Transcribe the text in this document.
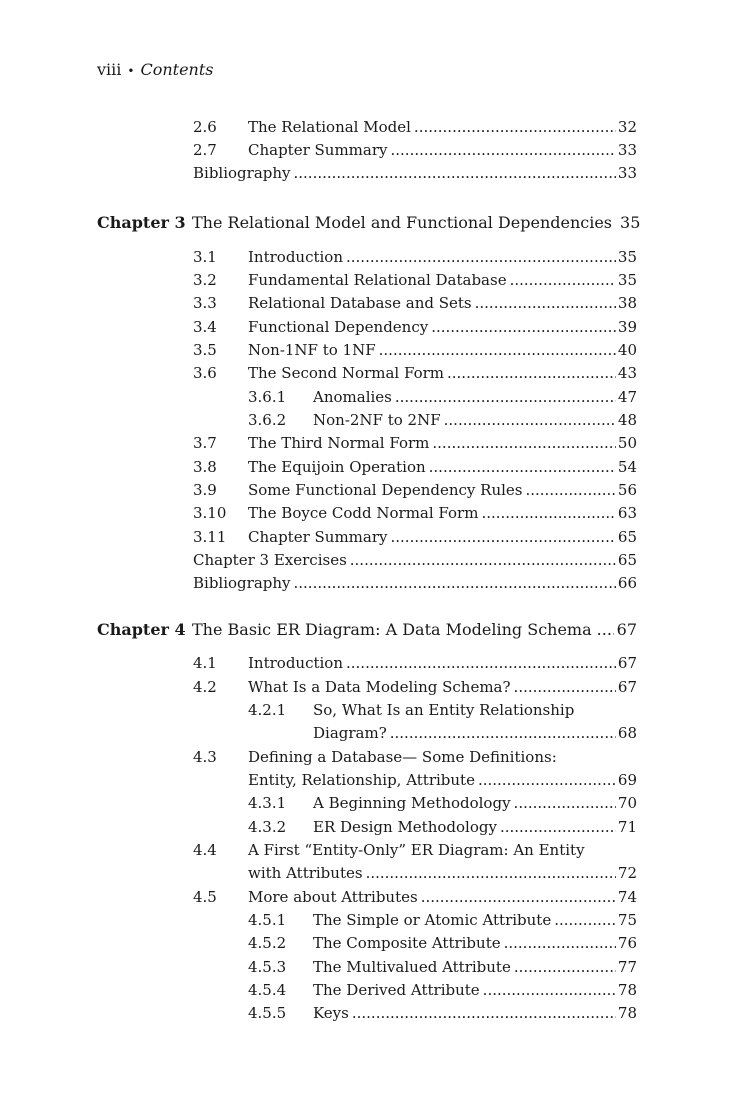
viii • Contents
2.6	The Relational Model .....	32
2.7	Chapter Summary .....	33
Bibliography .....	33
Chapter 3 The Relational Model and Functional Dependencies 35
3.1	Introduction .....	35
3.2	Fundamental Relational Database .....	35
3.3	Relational Database and Sets .....	38
3.4	Functional Dependency .....	39
3.5	Non-1NF to 1NF .....	40
3.6	The Second Normal Form .....	43
3.6.1	Anomalies .....	47
3.6.2	Non-2NF to 2NF .....	48
3.7	The Third Normal Form .....	50
3.8	The Equijoin Operation .....	54
3.9	Some Functional Dependency Rules .....	56
3.10	The Boyce Codd Normal Form .....	63
3.11	Chapter Summary .....	65
Chapter 3 Exercises .....	65
Bibliography .....	66
Chapter 4 The Basic ER Diagram: A Data Modeling Schema ..... 67
4.1	Introduction .....	67
4.2	What Is a Data Modeling Schema? .....	67
4.2.1 So, What Is an Entity Relationship
Diagram? .....	68
4.3 Defining a Database— Some Definitions:
Entity, Relationship, Attribute .....	69
4.3.1	A Beginning Methodology .....	70
4.3.2	ER Design Methodology .....	71
4.4 A First “Entity-Only” ER Diagram: An Entity
with Attributes .....	72
4.5	More about Attributes .....	74
4.5.1	The Simple or Atomic Attribute .....	75
4.5.2	The Composite Attribute .....	76
4.5.3	The Multivalued Attribute .....	77
4.5.4	The Derived Attribute .....	78
4.5.5	Keys .....	78
